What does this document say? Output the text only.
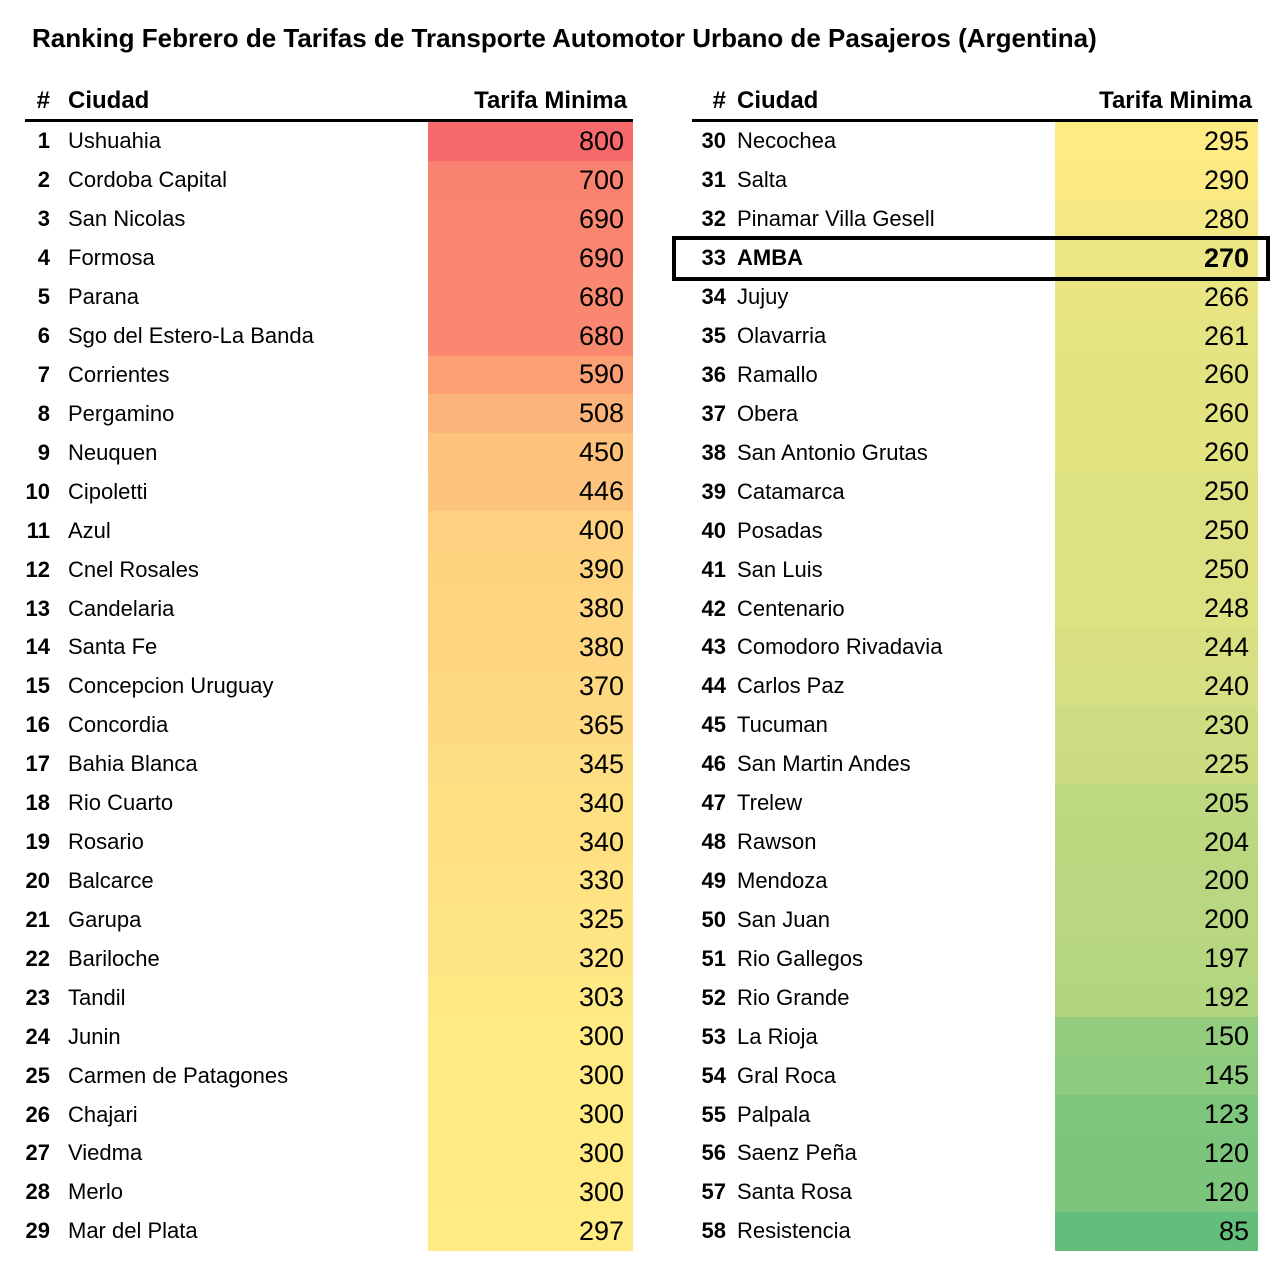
Ranking Febrero de Tarifas de Transporte Automotor Urbano de Pasajeros (Argentina)
# Ciudad	Tarifa Minima
1 Ushuahia	800
2 Cordoba Capital	700
3 San Nicolas	690
4 Formosa	690
5 Parana	680
6 Sgo del Estero-La Banda	680
7 Corrientes	590
8 Pergamino	508
9 Neuquen	450
10 Cipoletti	446
11 Azul	400
12 Cnel Rosales	390
13 Candelaria	380
14 Santa Fe	380
15 Concepcion Uruguay	370
16 Concordia	365
17 Bahia Blanca	345
18 Rio Cuarto	340
19 Rosario	340
20 Balcarce	330
21 Garupa	325
22 Bariloche	320
23 Tandil	303
24 Junin	300
25 Carmen de Patagones	300
26 Chajari	300
27 Viedma	300
28 Merlo	300
29 Mar del Plata	297
# Ciudad	Tarifa Minima
30 Necochea	295
31 Salta	290
32 Pinamar Villa Gesell	280
33 AMBA	270
34 Jujuy	266
35 Olavarria	261
36 Ramallo	260
37 Obera	260
38 San Antonio Grutas	260
39 Catamarca	250
40 Posadas	250
41 San Luis	250
42 Centenario	248
43 Comodoro Rivadavia	244
44 Carlos Paz	240
45 Tucuman	230
46 San Martin Andes	225
47 Trelew	205
48 Rawson	204
49 Mendoza	200
50 San Juan	200
51 Rio Gallegos	197
52 Rio Grande	192
53 La Rioja	150
54 Gral Roca	145
55 Palpala	123
56 Saenz Peña	120
57 Santa Rosa	120
58 Resistencia	85
